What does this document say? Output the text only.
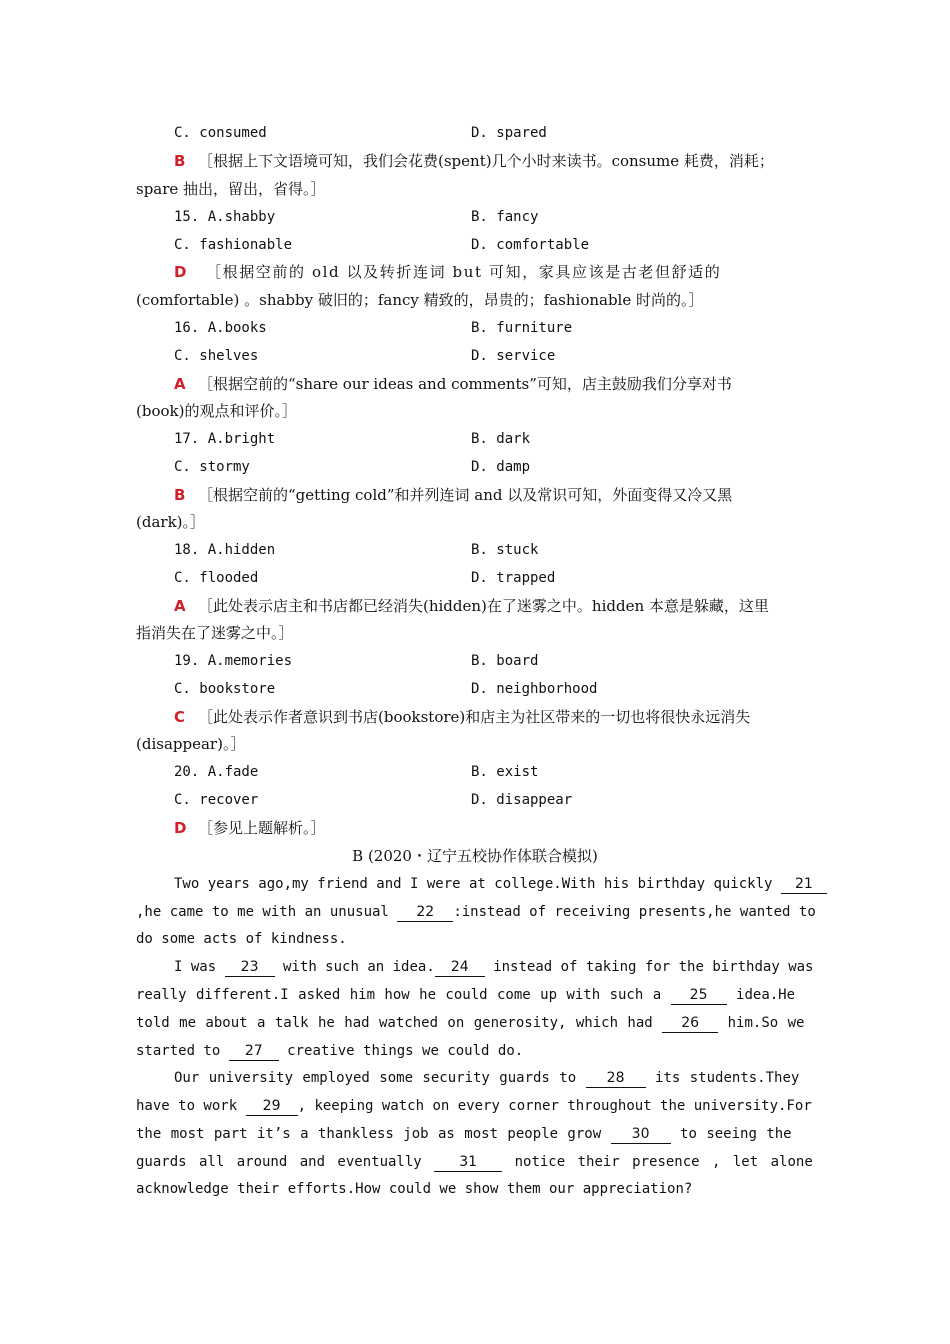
C. consumed	D. spared
B ［根据上下文语境可知，我们会花费(spent)几个小时来读书。consume 耗费，消耗；
spare 抽出，留出，省得。］
15. A.shabby	B. fancy
C. fashionable	D. comfortable
D ［根据空前的 old 以及转折连词 but 可知，家具应该是古老但舒适的
(comfortable) 。shabby 破旧的；fancy 精致的，昂贵的；fashionable 时尚的。］
16. A.books	B. furniture
C. shelves	D. service
A ［根据空前的“share our ideas and comments”可知，店主鼓励我们分享对书
(book)的观点和评价。］
17. A.bright	B. dark
C. stormy	D. damp
B ［根据空前的“getting cold”和并列连词 and 以及常识可知，外面变得又冷又黑
(dark)。］
18. A.hidden	B. stuck
C. flooded	D. trapped
A ［此处表示店主和书店都已经消失(hidden)在了迷雾之中。hidden 本意是躲藏，这里
指消失在了迷雾之中。］
19. A.memories	B. board
C. bookstore	D. neighborhood
C ［此处表示作者意识到书店(bookstore)和店主为社区带来的一切也将很快永远消失
(disappear)。］
20. A.fade	B. exist
C. recover	D. disappear
D ［参见上题解析。］
B (2020・辽宁五校协作体联合模拟)
Two years ago,my friend and I were at college.With his birthday quickly 21
,he came to me with an unusual 22 :instead of receiving presents,he wanted to
do some acts of kindness.
I was 23 with such an idea. 24 instead of taking for the birthday was
really different.I asked him how he could come up with such a 25 idea.He
told me about a talk he had watched on generosity, which had 26 him.So we
started to 27 creative things we could do.
Our university employed some security guards to 28 its students.They
have to work 29 , keeping watch on every corner throughout the university.For
the most part it’s a thankless job as most people grow 30 to seeing the
guards all around and eventually	31	notice their presence , let alone
acknowledge their efforts.How could we show them our appreciation?
